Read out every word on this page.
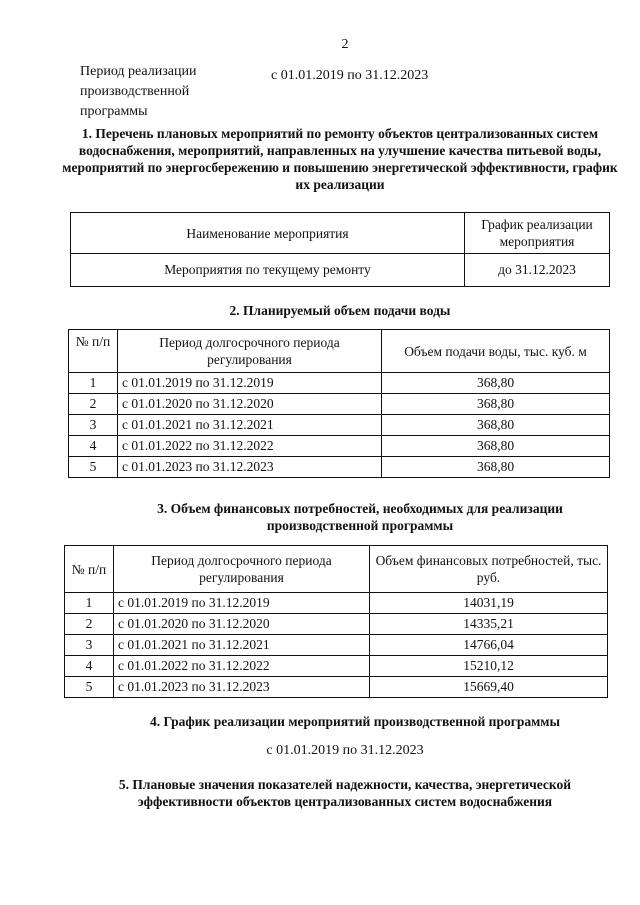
2
Период реализации
производственной
программы
с 01.01.2019 по 31.12.2023
1. Перечень плановых мероприятий по ремонту объектов централизованных систем водоснабжения, мероприятий, направленных на улучшение качества питьевой воды, мероприятий по энергосбережению и повышению энергетической эффективности, график их реализации
Наименование мероприятия	График реализации мероприятия
Мероприятия по текущему ремонту	до 31.12.2023
2. Планируемый объем подачи воды
№ п/п	Период долгосрочного периода регулирования	Объем подачи воды, тыс. куб. м
1	с 01.01.2019 по 31.12.2019	368,80
2	с 01.01.2020 по 31.12.2020	368,80
3	с 01.01.2021 по 31.12.2021	368,80
4	с 01.01.2022 по 31.12.2022	368,80
5	с 01.01.2023 по 31.12.2023	368,80
3. Объем финансовых потребностей, необходимых для реализации производственной программы
№ п/п	Период долгосрочного периода регулирования	Объем финансовых потребностей, тыс. руб.
1	с 01.01.2019 по 31.12.2019	14031,19
2	с 01.01.2020 по 31.12.2020	14335,21
3	с 01.01.2021 по 31.12.2021	14766,04
4	с 01.01.2022 по 31.12.2022	15210,12
5	с 01.01.2023 по 31.12.2023	15669,40
4. График реализации мероприятий производственной программы
с 01.01.2019 по 31.12.2023
5. Плановые значения показателей надежности, качества, энергетической эффективности объектов централизованных систем водоснабжения
